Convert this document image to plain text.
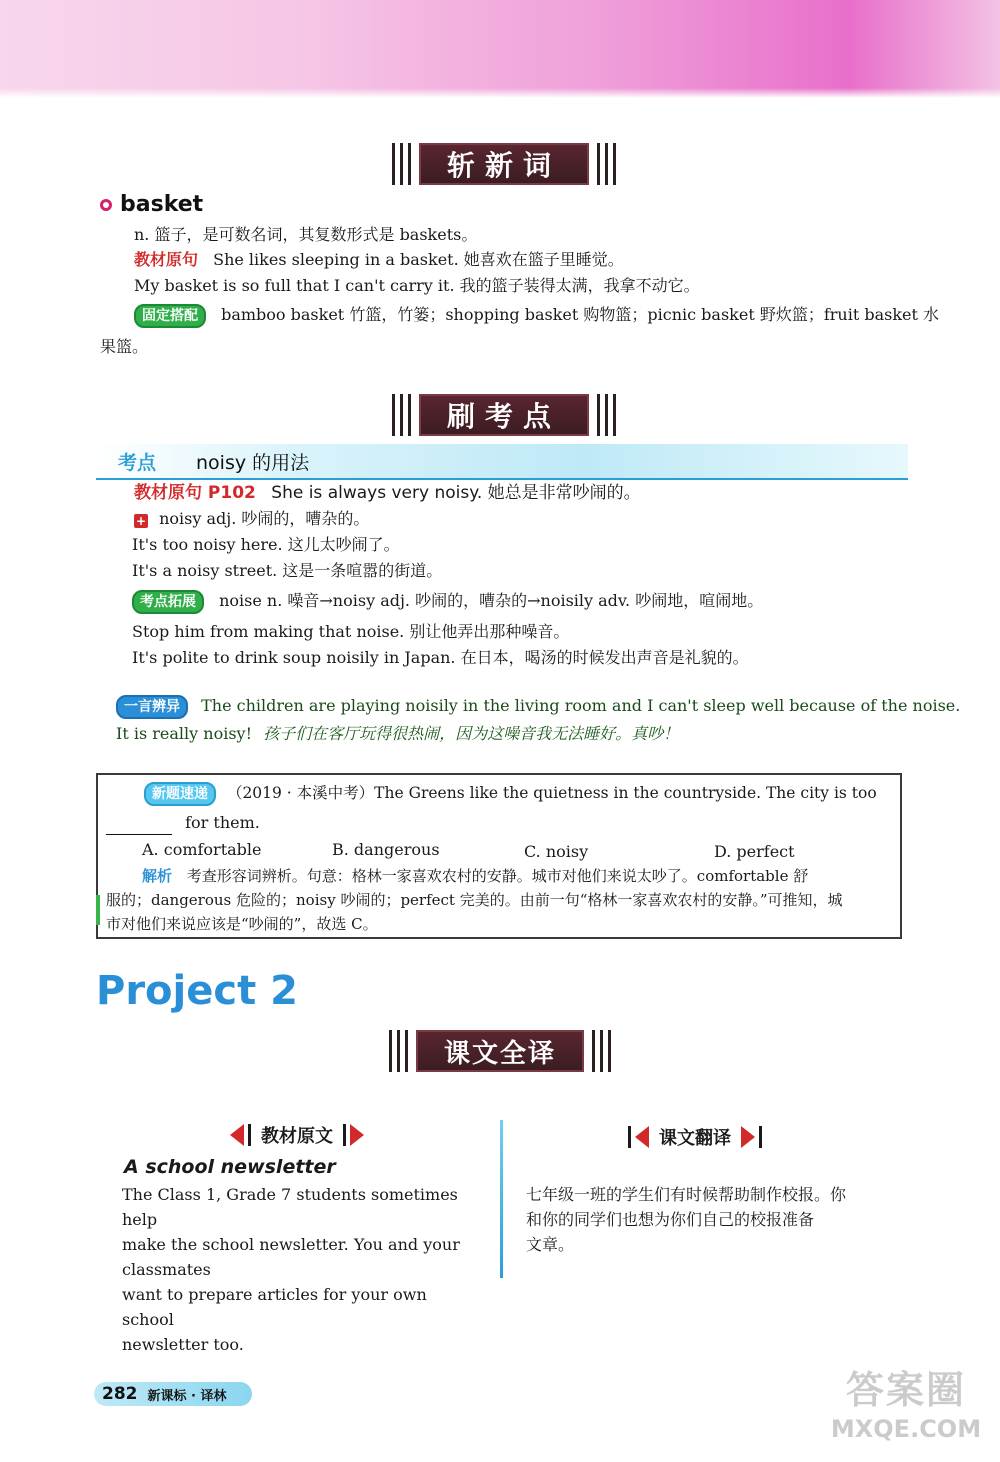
斩新词
basket
n. 篮子，是可数名词，其复数形式是 baskets。
教材原句 She likes sleeping in a basket. 她喜欢在篮子里睡觉。
My basket is so full that I can't carry it. 我的篮子装得太满，我拿不动它。
固定搭配 bamboo basket 竹篮，竹篓；shopping basket 购物篮；picnic basket 野炊篮；fruit basket 水
果篮。
刷考点
考点 noisy 的用法
教材原句 P102 She is always very noisy. 她总是非常吵闹的。
+ noisy adj. 吵闹的，嘈杂的。
It's too noisy here. 这儿太吵闹了。
It's a noisy street. 这是一条喧嚣的街道。
考点拓展 noise n. 噪音→noisy adj. 吵闹的，嘈杂的→noisily adv. 吵闹地，喧闹地。
Stop him from making that noise. 别让他弄出那种噪音。
It's polite to drink soup noisily in Japan. 在日本，喝汤的时候发出声音是礼貌的。
一言辨异 The children are playing noisily in the living room and I can't sleep well because of the noise.
It is really noisy! 孩子们在客厅玩得很热闹，因为这噪音我无法睡好。真吵！
新题速递 （2019 · 本溪中考）The Greens like the quietness in the countryside. The city is too
for them.
A. comfortable	B. dangerous	C. noisy	D. perfect
解析 考查形容词辨析。句意：格林一家喜欢农村的安静。城市对他们来说太吵了。comfortable 舒
服的；dangerous 危险的；noisy 吵闹的；perfect 完美的。由前一句“格林一家喜欢农村的安静。”可推知，城
市对他们来说应该是“吵闹的”，故选 C。
Project 2
课文全译
教材原文	课文翻译
A school newsletter
The Class 1, Grade 7 students sometimes help
make the school newsletter. You and your classmates
want to prepare articles for your own school
newsletter too.
七年级一班的学生们有时候帮助制作校报。你
和你的同学们也想为你们自己的校报准备
文章。
282 新课标 · 译林	答案圈
MXQE.COM
